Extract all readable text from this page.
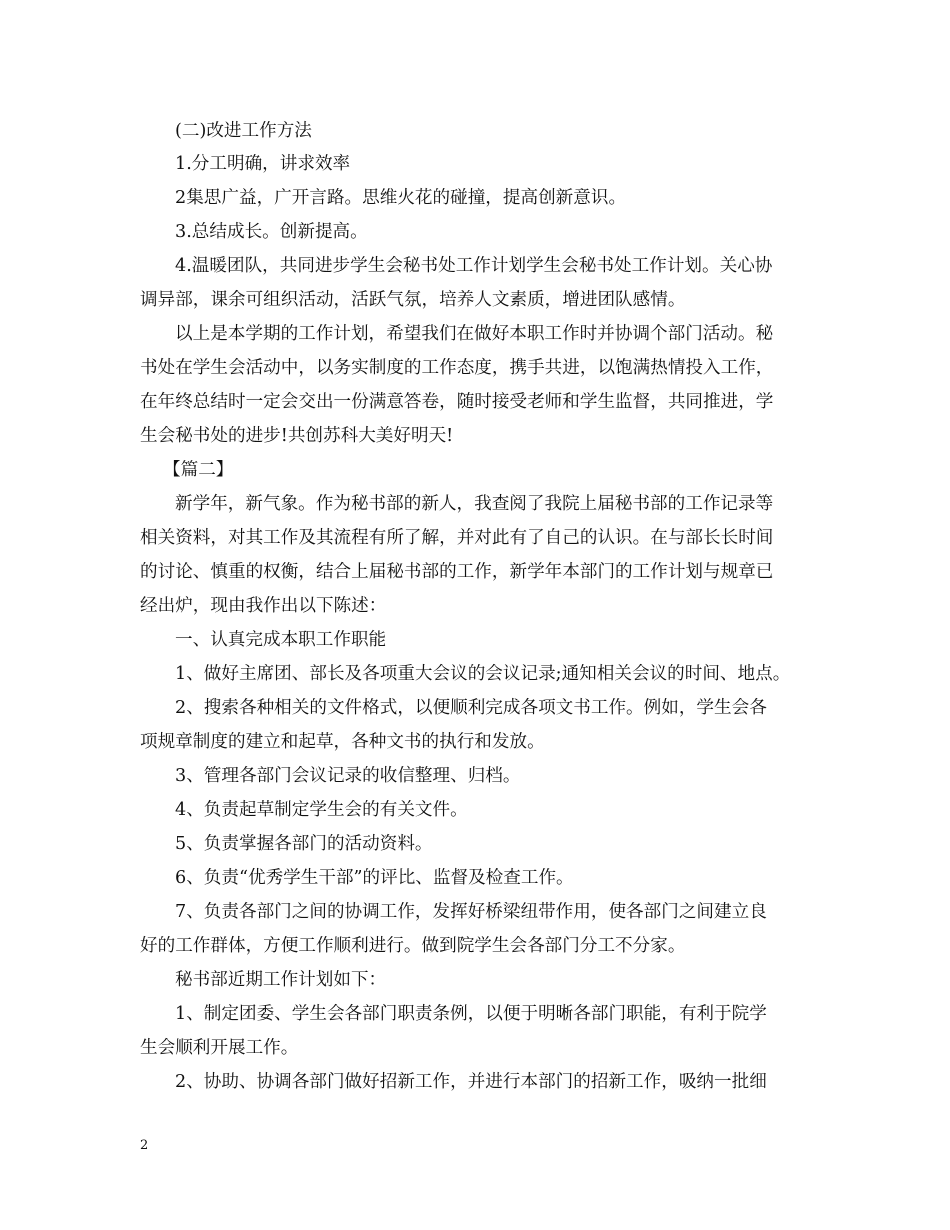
(二)改进工作方法
1.分工明确，讲求效率
2集思广益，广开言路。思维火花的碰撞，提高创新意识。
3.总结成长。创新提高。
4.温暖团队，共同进步学生会秘书处工作计划学生会秘书处工作计划。关心协
调异部，课余可组织活动，活跃气氛，培养人文素质，增进团队感情。
以上是本学期的工作计划，希望我们在做好本职工作时并协调个部门活动。秘
书处在学生会活动中，以务实制度的工作态度，携手共进，以饱满热情投入工作，
在年终总结时一定会交出一份满意答卷，随时接受老师和学生监督，共同推进，学
生会秘书处的进步!共创苏科大美好明天!
【篇二】
新学年，新气象。作为秘书部的新人，我查阅了我院上届秘书部的工作记录等
相关资料，对其工作及其流程有所了解，并对此有了自己的认识。在与部长长时间
的讨论、慎重的权衡，结合上届秘书部的工作，新学年本部门的工作计划与规章已
经出炉，现由我作出以下陈述：
一、认真完成本职工作职能
1、做好主席团、部长及各项重大会议的会议记录;通知相关会议的时间、地点。
2、搜索各种相关的文件格式，以便顺利完成各项文书工作。例如，学生会各
项规章制度的建立和起草，各种文书的执行和发放。
3、管理各部门会议记录的收信整理、归档。
4、负责起草制定学生会的有关文件。
5、负责掌握各部门的活动资料。
6、负责“优秀学生干部”的评比、监督及检查工作。
7、负责各部门之间的协调工作，发挥好桥梁纽带作用，使各部门之间建立良
好的工作群体，方便工作顺利进行。做到院学生会各部门分工不分家。
秘书部近期工作计划如下：
1、制定团委、学生会各部门职责条例，以便于明晰各部门职能，有利于院学
生会顺利开展工作。
2、协助、协调各部门做好招新工作，并进行本部门的招新工作，吸纳一批细
2
